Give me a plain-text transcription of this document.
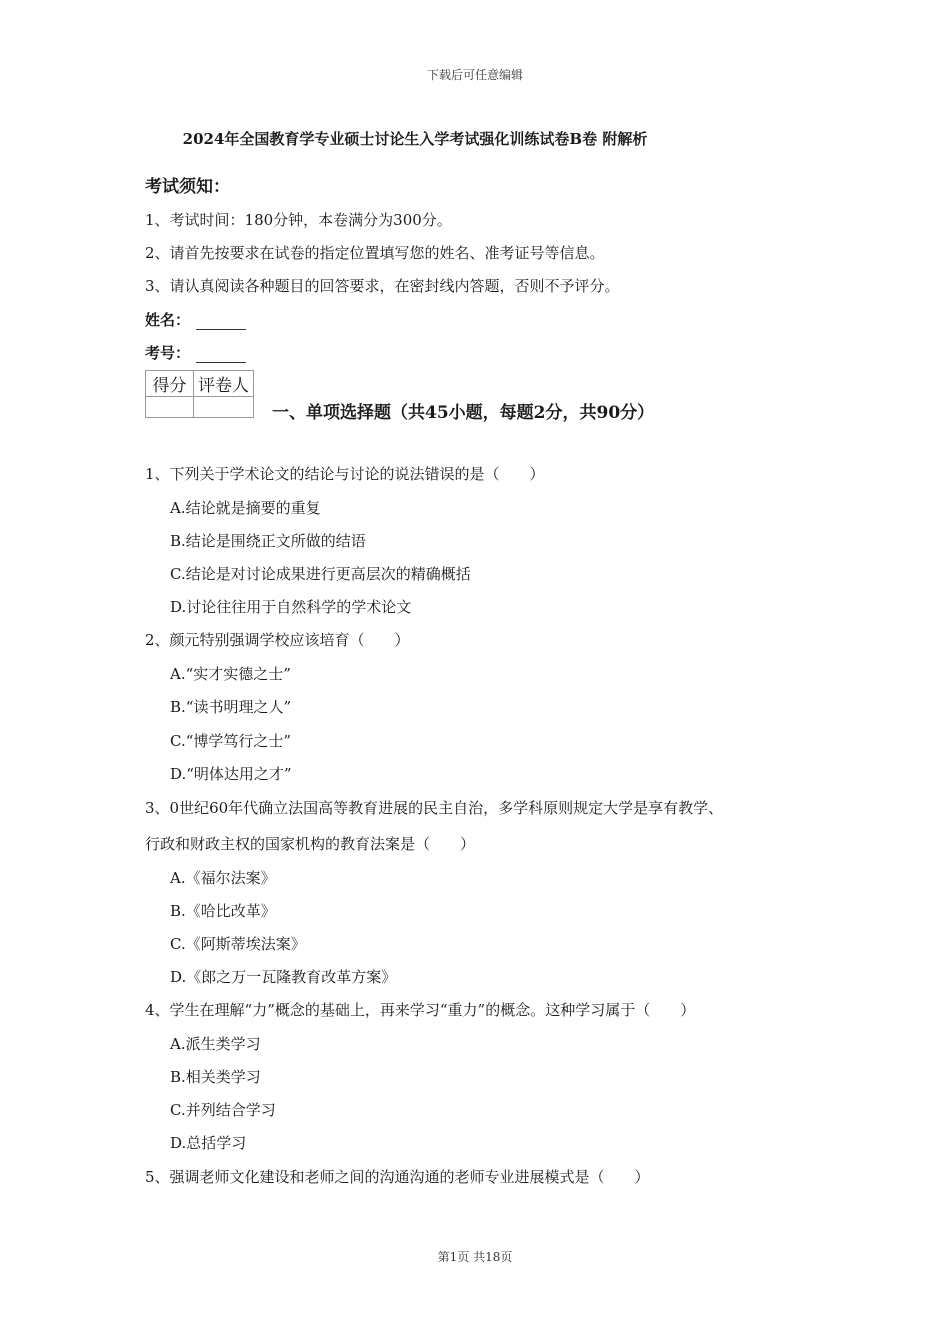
下载后可任意编辑
2024年全国教育学专业硕士讨论生入学考试强化训练试卷B卷 附解析
考试须知：
1、考试时间：180分钟，本卷满分为300分。
2、请首先按要求在试卷的指定位置填写您的姓名、准考证号等信息。
3、请认真阅读各种题目的回答要求，在密封线内答题，否则不予评分。
姓名：
考号：
得分	评卷人

一、单项选择题（共45小题，每题2分，共90分）
1、下列关于学术论文的结论与讨论的说法错误的是（　　）
A.结论就是摘要的重复
B.结论是围绕正文所做的结语
C.结论是对讨论成果进行更高层次的精确概括
D.讨论往往用于自然科学的学术论文
2、颜元特别强调学校应该培育（　　）
A.“实才实德之士”
B.“读书明理之人”
C.“博学笃行之士”
D.“明体达用之才”
3、0世纪60年代确立法国高等教育进展的民主自治，多学科原则规定大学是享有教学、
行政和财政主权的国家机构的教育法案是（　　）
A.《福尔法案》
B.《哈比改革》
C.《阿斯蒂埃法案》
D.《郎之万一瓦隆教育改革方案》
4、学生在理解“力”概念的基础上，再来学习“重力”的概念。这种学习属于（　　）
A.派生类学习
B.相关类学习
C.并列结合学习
D.总括学习
5、强调老师文化建设和老师之间的沟通沟通的老师专业进展模式是（　　）
第1页 共18页
